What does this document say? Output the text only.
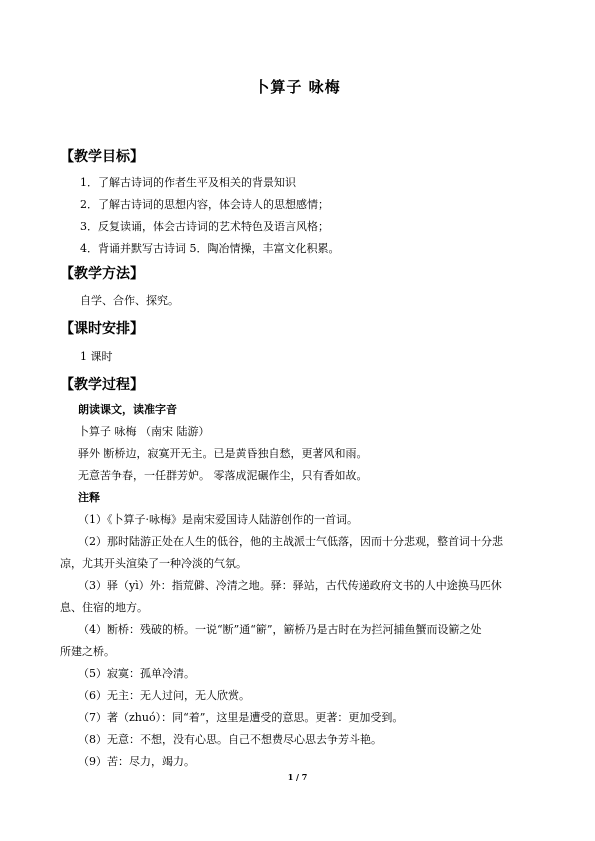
卜算子 咏梅
【教学目标】
1．了解古诗词的作者生平及相关的背景知识
2．了解古诗词的思想内容，体会诗人的思想感情；
3．反复读诵，体会古诗词的艺术特色及语言风格；
4．背诵并默写古诗词 5．陶冶情操，丰富文化积累。
【教学方法】
自学、合作、探究。
【课时安排】
1 课时
【教学过程】
朗读课文，读准字音
卜算子 咏梅 （南宋 陆游）
驿外 断桥边，寂寞开无主。已是黄昏独自愁，更著风和雨。
无意苦争春，一任群芳妒。 零落成泥碾作尘，只有香如故。
注释
（1）《卜算子·咏梅》是南宋爱国诗人陆游创作的一首词。
（2）那时陆游正处在人生的低谷，他的主战派士气低落，因而十分悲观，整首词十分悲
凉，尤其开头渲染了一种冷淡的气氛。
（3）驿（yì）外：指荒僻、冷清之地。驿：驿站，古代传递政府文书的人中途换马匹休
息、住宿的地方。
（4）断桥：残破的桥。一说“断”通“簖”，簖桥乃是古时在为拦河捕鱼蟹而设簖之处
所建之桥。
（5）寂寞：孤单冷清。
（6）无主：无人过问，无人欣赏。
（7）著（zhuó）：同“着”，这里是遭受的意思。更著：更加受到。
（8）无意：不想，没有心思。自己不想费尽心思去争芳斗艳。
（9）苦：尽力，竭力。
1 / 7
